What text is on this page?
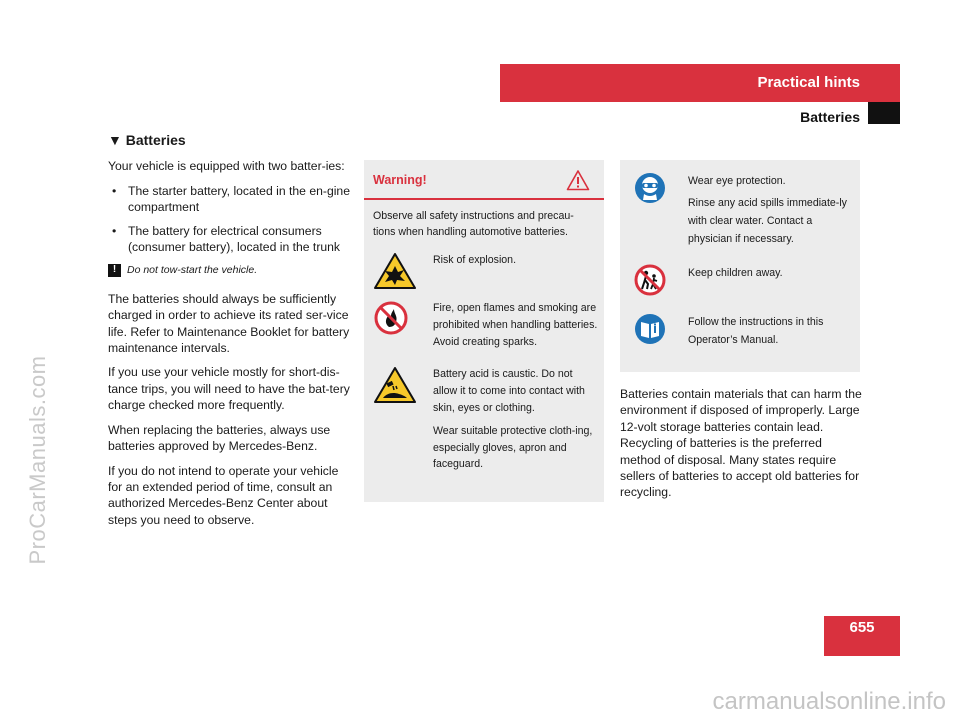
ProCarManuals.com
carmanualsonline.info
Practical hints
Batteries
▼ Batteries

Your vehicle is equipped with two batter-ies:

• The starter battery, located in the en-gine compartment
• The battery for electrical consumers (consumer battery), located in the trunk
!	Do not tow-start the vehicle.

The batteries should always be sufficiently charged in order to achieve its rated ser-vice life. Refer to Maintenance Booklet for battery maintenance intervals.

If you use your vehicle mostly for short-dis-tance trips, you will need to have the bat-tery charge checked more frequently.

When replacing the batteries, always use batteries approved by Mercedes-Benz.

If you do not intend to operate your vehicle for an extended period of time, consult an authorized Mercedes-Benz Center about steps you need to observe.

Warning!
Observe all safety instructions and precau-tions when handling automotive batteries.

Risk of explosion.

Fire, open flames and smoking are prohibited when handling batteries. Avoid creating sparks.

Battery acid is caustic. Do not allow it to come into contact with skin, eyes or clothing.

Wear suitable protective cloth-ing, especially gloves, apron and faceguard.

Wear eye protection.

Rinse any acid spills immediate-ly with clear water. Contact a physician if necessary.

Keep children away.

Follow the instructions in this Operator’s Manual.

Batteries contain materials that can harm the environment if disposed of improperly. Large 12-volt storage batteries contain lead. Recycling of batteries is the preferred method of disposal. Many states require sellers of batteries to accept old batteries for recycling.

655
